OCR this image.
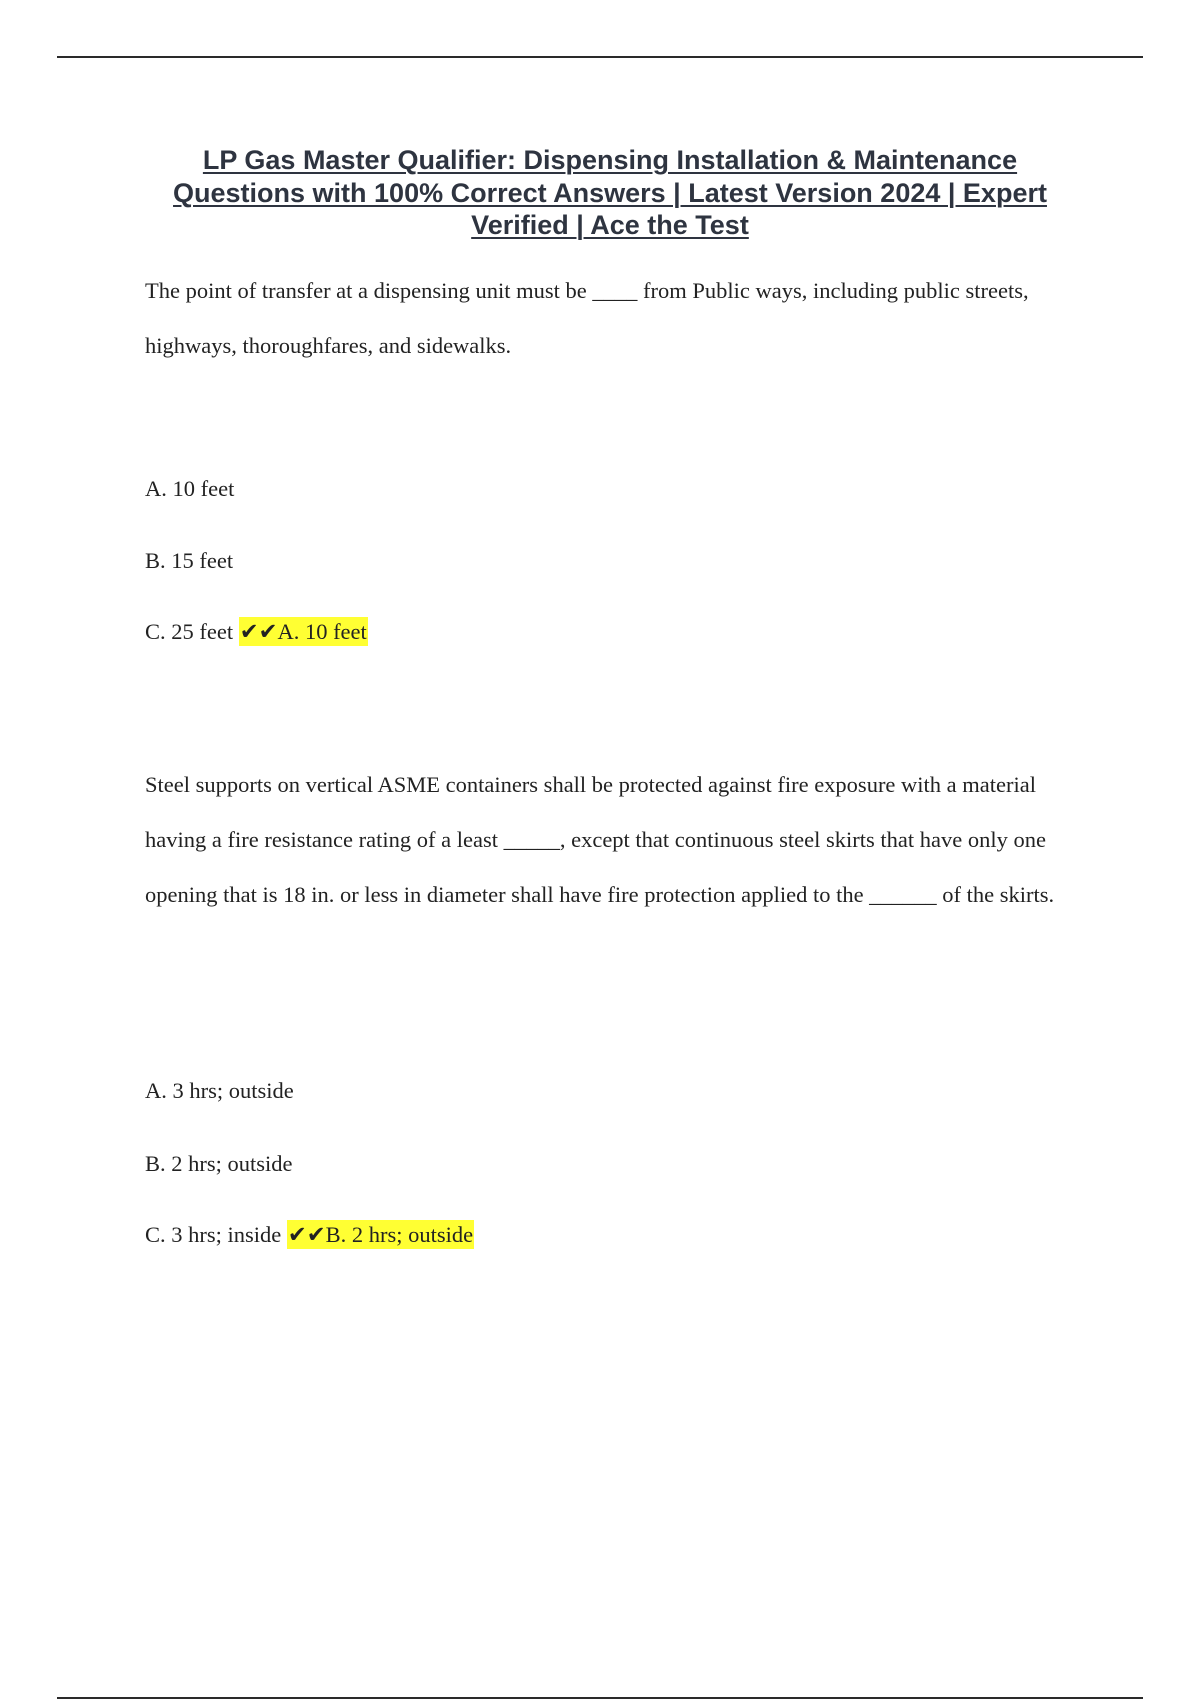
LP Gas Master Qualifier: Dispensing Installation & Maintenance Questions with 100% Correct Answers | Latest Version 2024 | Expert Verified | Ace the Test

The point of transfer at a dispensing unit must be ____ from Public ways, including public streets, highways, thoroughfares, and sidewalks.

A. 10 feet

B. 15 feet

C. 25 feet ✔✔A. 10 feet

Steel supports on vertical ASME containers shall be protected against fire exposure with a material having a fire resistance rating of a least _____, except that continuous steel skirts that have only one opening that is 18 in. or less in diameter shall have fire protection applied to the ______ of the skirts.

A. 3 hrs; outside

B. 2 hrs; outside

C. 3 hrs; inside ✔✔B. 2 hrs; outside
